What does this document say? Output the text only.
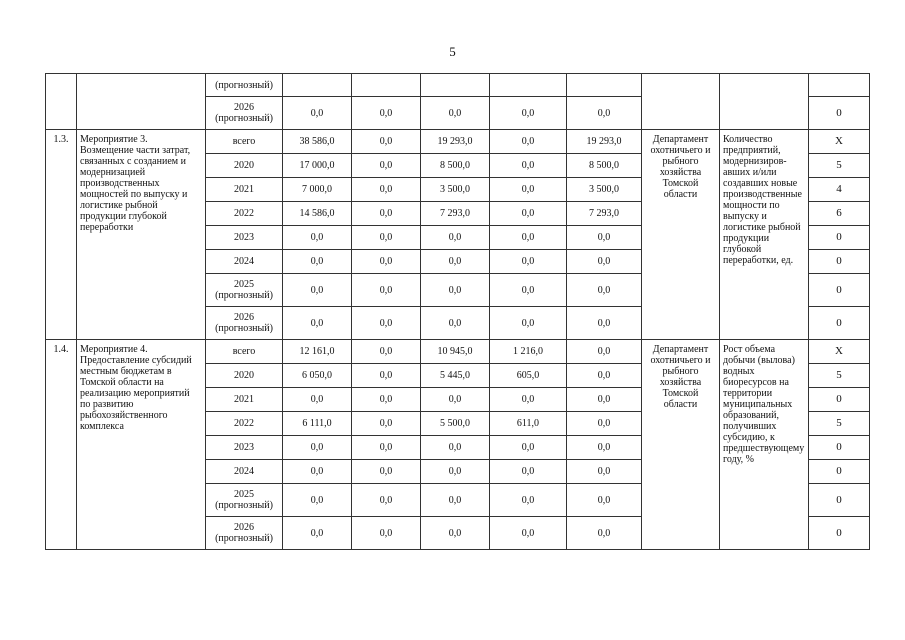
5
		(прогнозный)								
		2026 (прогнозный)	0,0	0,0	0,0	0,0	0,0			0
1.3.	Мероприятие 3. Возмещение части затрат, связанных с созданием и модернизацией производственных мощностей по выпуску и логистике рыбной продукции глубокой переработки	всего	38 586,0	0,0	19 293,0	0,0	19 293,0	Департамент охотничьего и рыбного хозяйства Томской области	Количество предприятий, модернизировавших и/или создавших новые производственные мощности по выпуску и логистике рыбной продукции глубокой переработки, ед.	X
		2020	17 000,0	0,0	8 500,0	0,0	8 500,0			5
		2021	7 000,0	0,0	3 500,0	0,0	3 500,0			4
		2022	14 586,0	0,0	7 293,0	0,0	7 293,0			6
		2023	0,0	0,0	0,0	0,0	0,0			0
		2024	0,0	0,0	0,0	0,0	0,0			0
		2025 (прогнозный)	0,0	0,0	0,0	0,0	0,0			0
		2026 (прогнозный)	0,0	0,0	0,0	0,0	0,0			0
1.4.	Мероприятие 4. Предоставление субсидий местным бюджетам в Томской области на реализацию мероприятий по развитию рыбохозяйственного комплекса	всего	12 161,0	0,0	10 945,0	1 216,0	0,0	Департамент охотничьего и рыбного хозяйства Томской области	Рост объема добычи (вылова) водных биоресурсов на территории муниципальных образований, получивших субсидию, к предшествующему году, %	X
		2020	6 050,0	0,0	5 445,0	605,0	0,0			5
		2021	0,0	0,0	0,0	0,0	0,0			0
		2022	6 111,0	0,0	5 500,0	611,0	0,0			5
		2023	0,0	0,0	0,0	0,0	0,0			0
		2024	0,0	0,0	0,0	0,0	0,0			0
		2025 (прогнозный)	0,0	0,0	0,0	0,0	0,0			0
		2026 (прогнозный)	0,0	0,0	0,0	0,0	0,0			0
